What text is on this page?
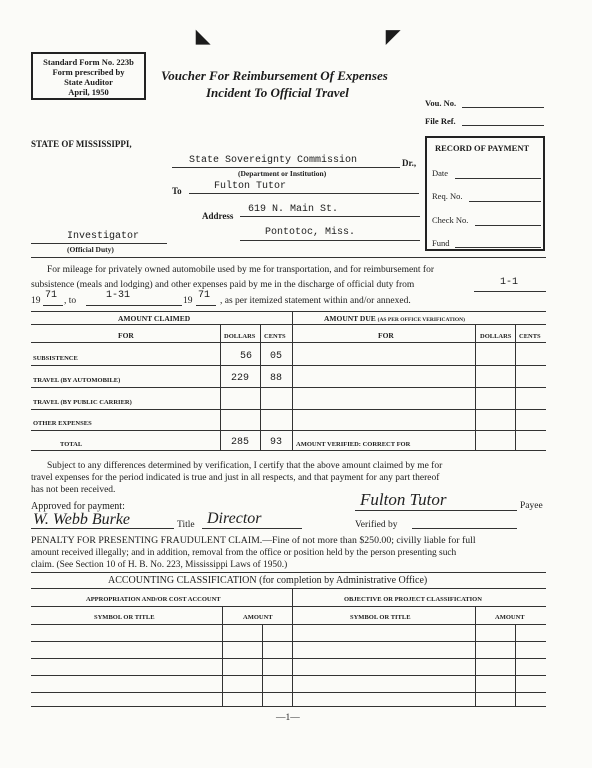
◣	◤
Standard Form No. 223b
Form prescribed by
State Auditor
April, 1950
Voucher For Reimbursement Of Expenses
Incident To Official Travel
Vou. No.
File Ref.
STATE OF MISSISSIPPI,
State Sovereignty Commission	Dr.,
(Department or Institution)
To	Fulton Tutor
Address
619 N. Main St.
Pontotoc, Miss.
Investigator
(Official Duty)
RECORD OF PAYMENT
Date
Req. No.
Check No.
Fund
For mileage for privately owned automobile used by me for transportation, and for reimbursement for
subsistence (meals and lodging) and other expenses paid by me in the discharge of official duty from	1-1
19 71 , to	1-31	19 71 , as per itemized statement within and/or annexed.
AMOUNT CLAIMED	AMOUNT DUE (AS PER OFFICE VERIFICATION)
FOR	DOLLARS CENTS	FOR	DOLLARS CENTS
SUBSISTENCE	56 05
TRAVEL (BY AUTOMOBILE)	229 88
TRAVEL (BY PUBLIC CARRIER)
OTHER EXPENSES
TOTAL	285 93 AMOUNT VERIFIED: CORRECT FOR
Subject to any differences determined by verification, I certify that the above amount claimed by me for
travel expenses for the period indicated is true and just in all respects, and that payment for any part thereof
has not been received.	Fulton Tutor	Payee
Approved for payment:
W. Webb Burke	Title Director	Verified by
PENALTY FOR PRESENTING FRAUDULENT CLAIM.—Fine of not more than $250.00; civilly liable for full
amount received illegally; and in addition, removal from the office or position held by the person presenting such
claim. (See Section 10 of H. B. No. 223, Mississippi Laws of 1950.)
ACCOUNTING CLASSIFICATION (for completion by Administrative Office)
APPROPRIATION AND/OR COST ACCOUNT	OBJECTIVE OR PROJECT CLASSIFICATION
SYMBOL OR TITLE	AMOUNT	SYMBOL OR TITLE	AMOUNT
—1—
